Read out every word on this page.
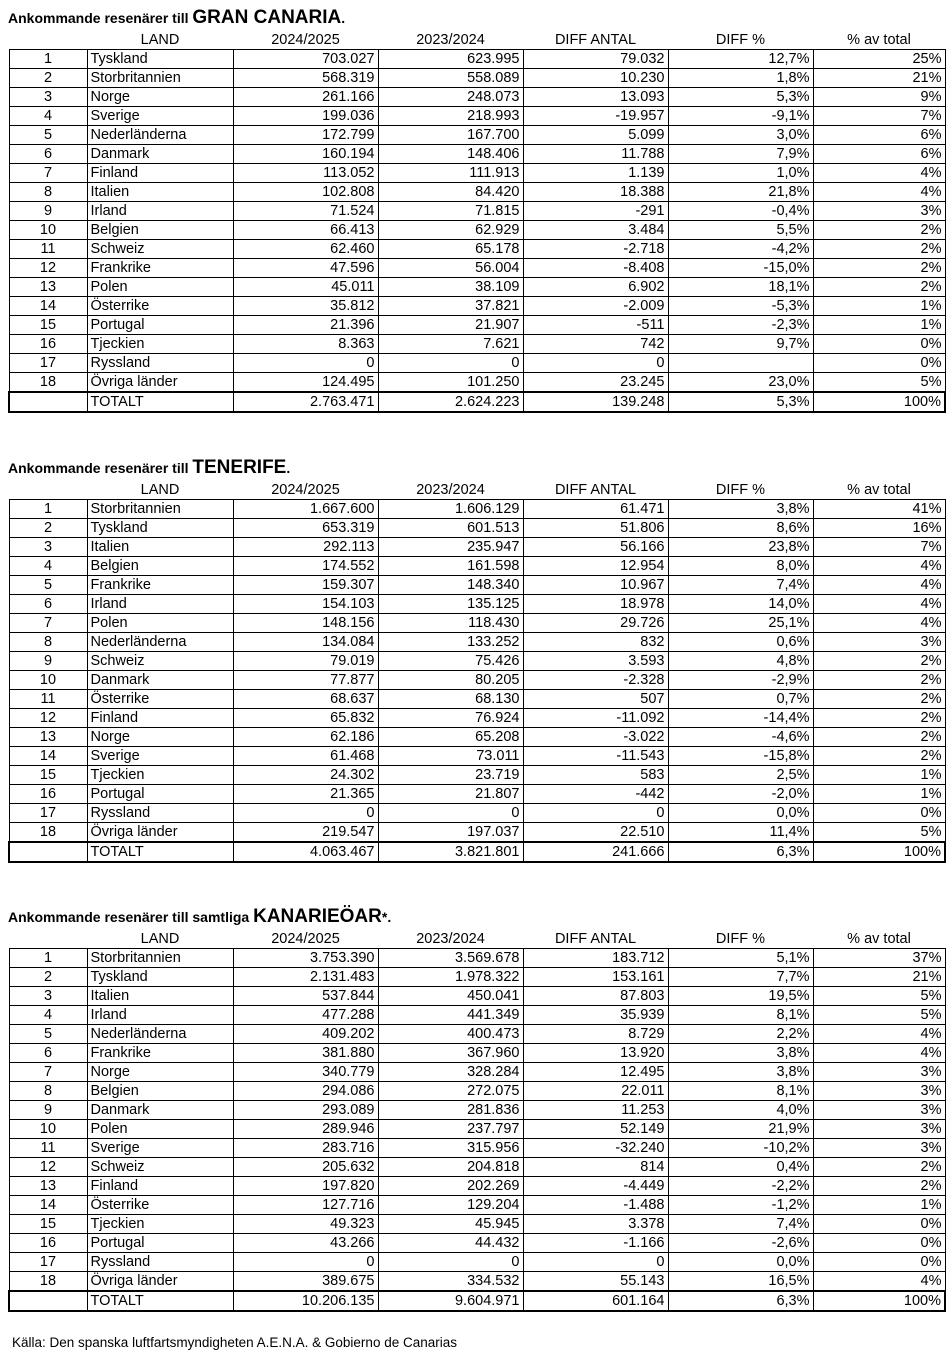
Ankommande resenärer till GRAN CANARIA.
	LAND	2024/2025	2023/2024	DIFF ANTAL	DIFF %	% av total
1	Tyskland	703.027	623.995	79.032	12,7%	25%
2	Storbritannien	568.319	558.089	10.230	1,8%	21%
3	Norge	261.166	248.073	13.093	5,3%	9%
4	Sverige	199.036	218.993	-19.957	-9,1%	7%
5	Nederländerna	172.799	167.700	5.099	3,0%	6%
6	Danmark	160.194	148.406	11.788	7,9%	6%
7	Finland	113.052	111.913	1.139	1,0%	4%
8	Italien	102.808	84.420	18.388	21,8%	4%
9	Irland	71.524	71.815	-291	-0,4%	3%
10	Belgien	66.413	62.929	3.484	5,5%	2%
11	Schweiz	62.460	65.178	-2.718	-4,2%	2%
12	Frankrike	47.596	56.004	-8.408	-15,0%	2%
13	Polen	45.011	38.109	6.902	18,1%	2%
14	Österrike	35.812	37.821	-2.009	-5,3%	1%
15	Portugal	21.396	21.907	-511	-2,3%	1%
16	Tjeckien	8.363	7.621	742	9,7%	0%
17	Ryssland	0	0	0		0%
18	Övriga länder	124.495	101.250	23.245	23,0%	5%
	TOTALT	2.763.471	2.624.223	139.248	5,3%	100%
Ankommande resenärer till TENERIFE.
	LAND	2024/2025	2023/2024	DIFF ANTAL	DIFF %	% av total
1	Storbritannien	1.667.600	1.606.129	61.471	3,8%	41%
2	Tyskland	653.319	601.513	51.806	8,6%	16%
3	Italien	292.113	235.947	56.166	23,8%	7%
4	Belgien	174.552	161.598	12.954	8,0%	4%
5	Frankrike	159.307	148.340	10.967	7,4%	4%
6	Irland	154.103	135.125	18.978	14,0%	4%
7	Polen	148.156	118.430	29.726	25,1%	4%
8	Nederländerna	134.084	133.252	832	0,6%	3%
9	Schweiz	79.019	75.426	3.593	4,8%	2%
10	Danmark	77.877	80.205	-2.328	-2,9%	2%
11	Österrike	68.637	68.130	507	0,7%	2%
12	Finland	65.832	76.924	-11.092	-14,4%	2%
13	Norge	62.186	65.208	-3.022	-4,6%	2%
14	Sverige	61.468	73.011	-11.543	-15,8%	2%
15	Tjeckien	24.302	23.719	583	2,5%	1%
16	Portugal	21.365	21.807	-442	-2,0%	1%
17	Ryssland	0	0	0	0,0%	0%
18	Övriga länder	219.547	197.037	22.510	11,4%	5%
	TOTALT	4.063.467	3.821.801	241.666	6,3%	100%
Ankommande resenärer till samtliga KANARIEÖAR*.
	LAND	2024/2025	2023/2024	DIFF ANTAL	DIFF %	% av total
1	Storbritannien	3.753.390	3.569.678	183.712	5,1%	37%
2	Tyskland	2.131.483	1.978.322	153.161	7,7%	21%
3	Italien	537.844	450.041	87.803	19,5%	5%
4	Irland	477.288	441.349	35.939	8,1%	5%
5	Nederländerna	409.202	400.473	8.729	2,2%	4%
6	Frankrike	381.880	367.960	13.920	3,8%	4%
7	Norge	340.779	328.284	12.495	3,8%	3%
8	Belgien	294.086	272.075	22.011	8,1%	3%
9	Danmark	293.089	281.836	11.253	4,0%	3%
10	Polen	289.946	237.797	52.149	21,9%	3%
11	Sverige	283.716	315.956	-32.240	-10,2%	3%
12	Schweiz	205.632	204.818	814	0,4%	2%
13	Finland	197.820	202.269	-4.449	-2,2%	2%
14	Österrike	127.716	129.204	-1.488	-1,2%	1%
15	Tjeckien	49.323	45.945	3.378	7,4%	0%
16	Portugal	43.266	44.432	-1.166	-2,6%	0%
17	Ryssland	0	0	0	0,0%	0%
18	Övriga länder	389.675	334.532	55.143	16,5%	4%
	TOTALT	10.206.135	9.604.971	601.164	6,3%	100%
Källa: Den spanska luftfartsmyndigheten A.E.N.A. & Gobierno de Canarias
